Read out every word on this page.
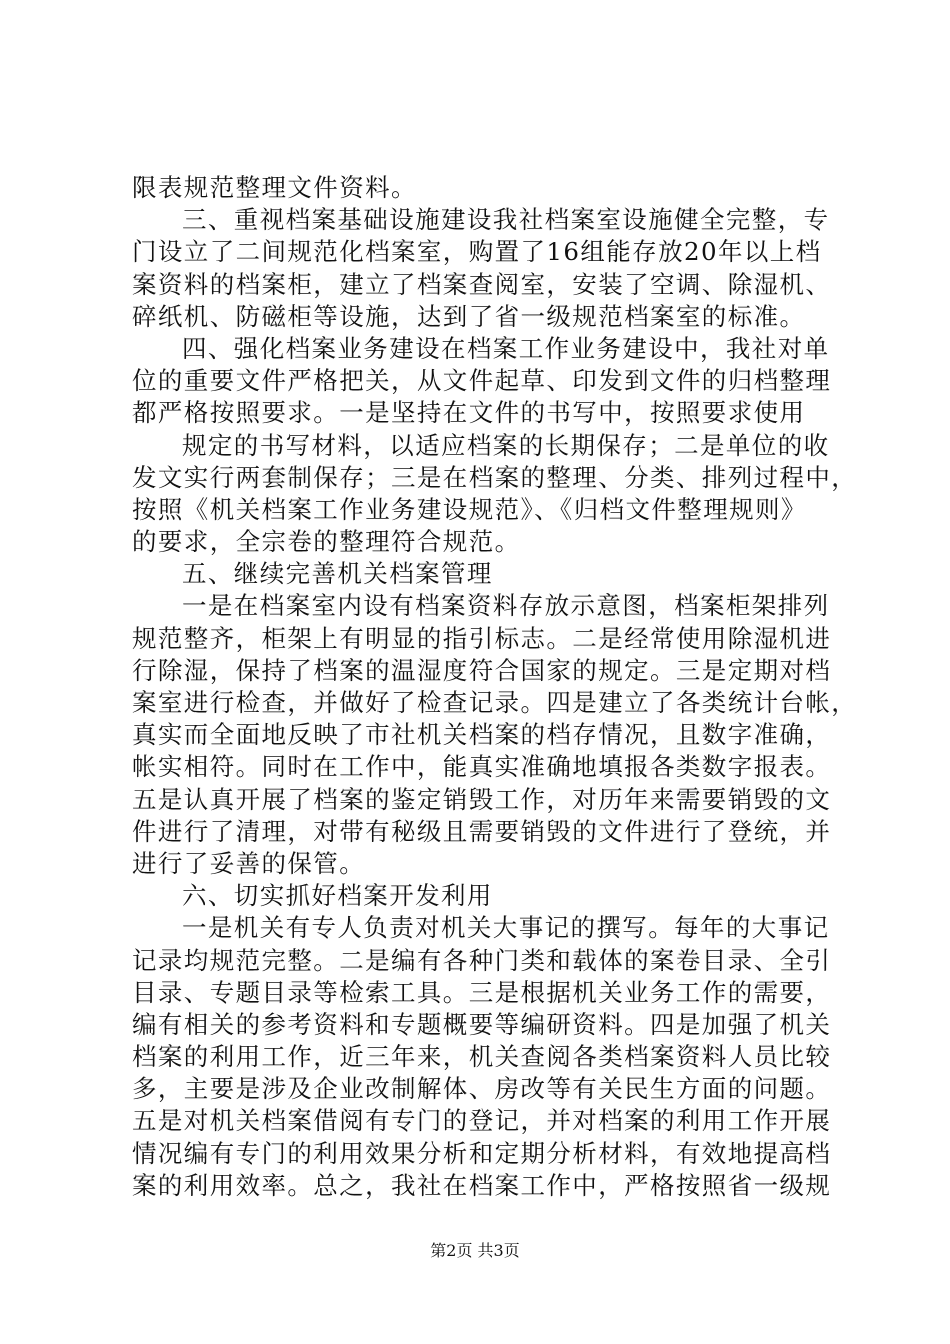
限表规范整理文件资料。
三、重视档案基础设施建设我社档案室设施健全完整，专
门设立了二间规范化档案室，购置了16组能存放20年以上档
案资料的档案柜，建立了档案查阅室，安装了空调、除湿机、
碎纸机、防磁柜等设施，达到了省一级规范档案室的标准。
四、强化档案业务建设在档案工作业务建设中，我社对单
位的重要文件严格把关，从文件起草、印发到文件的归档整理
都严格按照要求。一是坚持在文件的书写中，按照要求使用
规定的书写材料，以适应档案的长期保存；二是单位的收
发文实行两套制保存；三是在档案的整理、分类、排列过程中，
按照《机关档案工作业务建设规范》、《归档文件整理规则》
的要求，全宗卷的整理符合规范。
五、继续完善机关档案管理
一是在档案室内设有档案资料存放示意图，档案柜架排列
规范整齐，柜架上有明显的指引标志。二是经常使用除湿机进
行除湿，保持了档案的温湿度符合国家的规定。三是定期对档
案室进行检查，并做好了检查记录。四是建立了各类统计台帐，
真实而全面地反映了市社机关档案的档存情况，且数字准确，
帐实相符。同时在工作中，能真实准确地填报各类数字报表。
五是认真开展了档案的鉴定销毁工作，对历年来需要销毁的文
件进行了清理，对带有秘级且需要销毁的文件进行了登统，并
进行了妥善的保管。
六、切实抓好档案开发利用
一是机关有专人负责对机关大事记的撰写。每年的大事记
记录均规范完整。二是编有各种门类和载体的案卷目录、全引
目录、专题目录等检索工具。三是根据机关业务工作的需要，
编有相关的参考资料和专题概要等编研资料。四是加强了机关
档案的利用工作，近三年来，机关查阅各类档案资料人员比较
多，主要是涉及企业改制解体、房改等有关民生方面的问题。
五是对机关档案借阅有专门的登记，并对档案的利用工作开展
情况编有专门的利用效果分析和定期分析材料，有效地提高档
案的利用效率。总之，我社在档案工作中，严格按照省一级规
第2页 共3页
